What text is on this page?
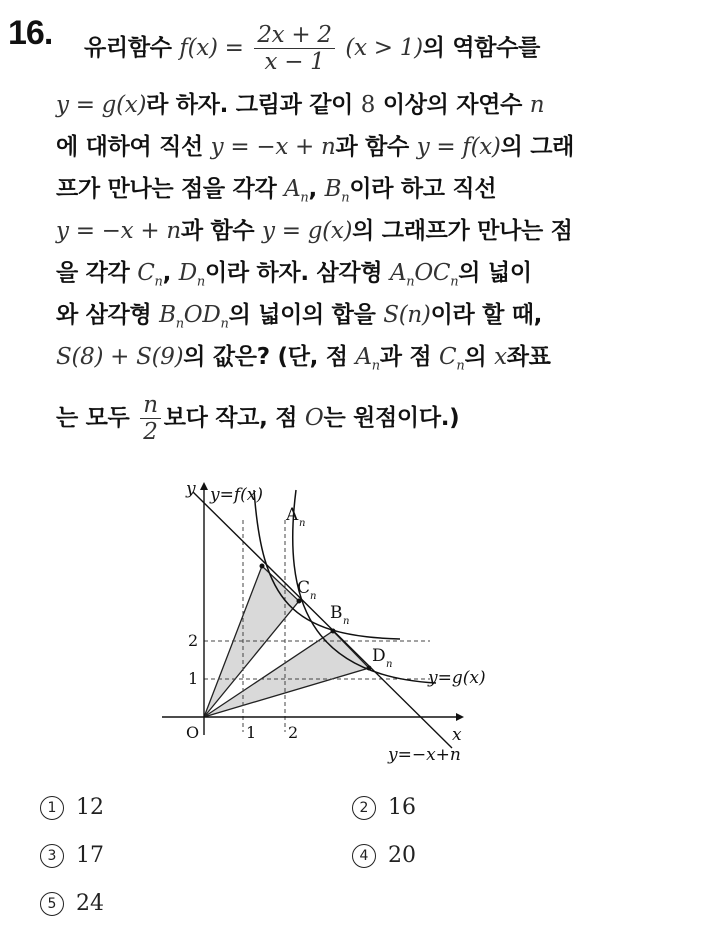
16. 유리함수 $f(x) = \frac{2x + 2}{x - 1} (x > 1)$의 역함수를
y = g(x)라 하자. 그림과 같이 8 이상의 자연수 n
에 대하여 직선 y = −x + n과 함수 y = f(x)의 그래
프가 만나는 점을 각각 $A_n$, $B_n$이라 하고 직선
y = −x + n과 함수 y = g(x)의 그래프가 만나는 점
을 각각 $C_n$, $D_n$이라 하자. 삼각형 $A_nOC_n$의 넓이
와 삼각형 $B_nOD_n$의 넓이의 합을 S(n)이라 할 때,
S(8) + S(9)의 값은? (단, 점 $A_n$과 점 $C_n$의 x좌표
는 모두 $\frac{n}{2}$ 보다 작고, 점 O는 원점이다.)
y y=f(x)
A n
C n
B n
D n
y=g(x)
2
1
O	1 2	x
y=−x+n
1 12	2 16
3 17	4 20
5 24
